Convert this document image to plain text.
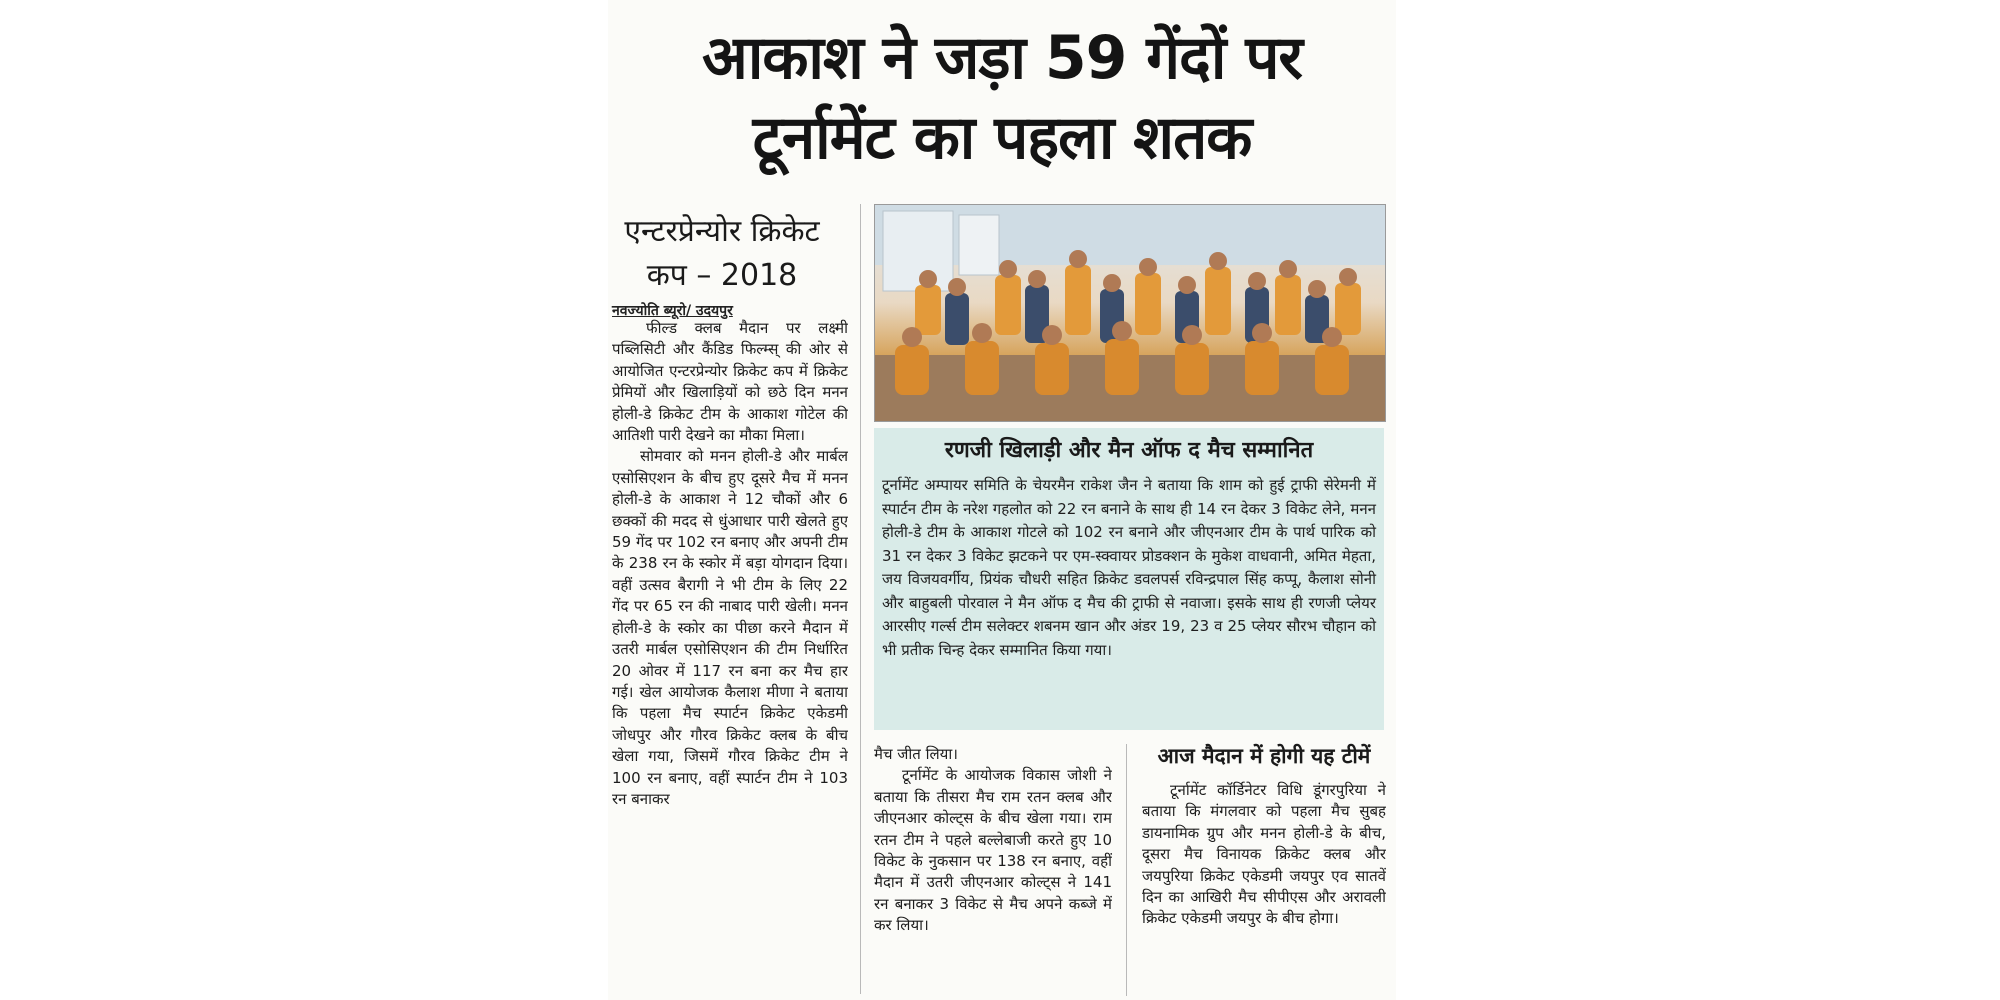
आकाश ने जड़ा 59 गेंदों पर
टूर्नामेंट का पहला शतक
एन्टरप्रेन्योर क्रिकेट
कप – 2018
नवज्योति ब्यूरो/ उदयपुर

फील्ड क्लब मैदान पर लक्ष्मी पब्लिसिटी और कैंडिड फिल्म्स् की ओर से आयोजित एन्टरप्रेन्योर क्रिकेट कप में क्रिकेट प्रेमियों और खिलाड़ियों को छठे दिन मनन होली-डे क्रिकेट टीम के आकाश गोटेल की आतिशी पारी देखने का मौका मिला।

सोमवार को मनन होली-डे और मार्बल एसोसिएशन के बीच हुए दूसरे मैच में मनन होली-डे के आकाश ने 12 चौकों और 6 छक्कों की मदद से धुंआधार पारी खेलते हुए 59 गेंद पर 102 रन बनाए और अपनी टीम के 238 रन के स्कोर में बड़ा योगदान दिया। वहीं उत्सव बैरागी ने भी टीम के लिए 22 गेंद पर 65 रन की नाबाद पारी खेली। मनन होली-डे के स्कोर का पीछा करने मैदान में उतरी मार्बल एसोसिएशन की टीम निर्धारित 20 ओवर में 117 रन बना कर मैच हार गई। खेल आयोजक कैलाश मीणा ने बताया कि पहला मैच स्पार्टन क्रिकेट एकेडमी जोधपुर और गौरव क्रिकेट क्लब के बीच खेला गया, जिसमें गौरव क्रिकेट टीम ने 100 रन बनाए, वहीं स्पार्टन टीम ने 103 रन बनाकर

रणजी खिलाड़ी और मैन ऑफ द मैच सम्मानित
टूर्नामेंट अम्पायर समिति के चेयरमैन राकेश जैन ने बताया कि शाम को हुई ट्राफी सेरेमनी में स्पार्टन टीम के नरेश गहलोत को 22 रन बनाने के साथ ही 14 रन देकर 3 विकेट लेने, मनन होली-डे टीम के आकाश गोटले को 102 रन बनाने और जीएनआर टीम के पार्थ पारिक को 31 रन देकर 3 विकेट झटकने पर एम-स्क्वायर प्रोडक्शन के मुकेश वाधवानी, अमित मेहता, जय विजयवर्गीय, प्रियंक चौधरी सहित क्रिकेट डवलपर्स रविन्द्रपाल सिंह कप्पू, कैलाश सोनी और बाहुबली पोरवाल ने मैन ऑफ द मैच की ट्राफी से नवाजा। इसके साथ ही रणजी प्लेयर आरसीए गर्ल्स टीम सलेक्टर शबनम खान और अंडर 19, 23 व 25 प्लेयर सौरभ चौहान को भी प्रतीक चिन्ह देकर सम्मानित किया गया।

मैच जीत लिया।

टूर्नामेंट के आयोजक विकास जोशी ने बताया कि तीसरा मैच राम रतन क्लब और जीएनआर कोल्ट्स के बीच खेला गया। राम रतन टीम ने पहले बल्लेबाजी करते हुए 10 विकेट के नुकसान पर 138 रन बनाए, वहीं मैदान में उतरी जीएनआर कोल्ट्स ने 141 रन बनाकर 3 विकेट से मैच अपने कब्जे में कर लिया।

आज मैदान में होगी यह टीमें

टूर्नामेंट कॉर्डिनेटर विधि डूंगरपुरिया ने बताया कि मंगलवार को पहला मैच सुबह डायनामिक ग्रुप और मनन होली-डे के बीच, दूसरा मैच विनायक क्रिकेट क्लब और जयपुरिया क्रिकेट एकेडमी जयपुर एव सातवें दिन का आखिरी मैच सीपीएस और अरावली क्रिकेट एकेडमी जयपुर के बीच होगा।
